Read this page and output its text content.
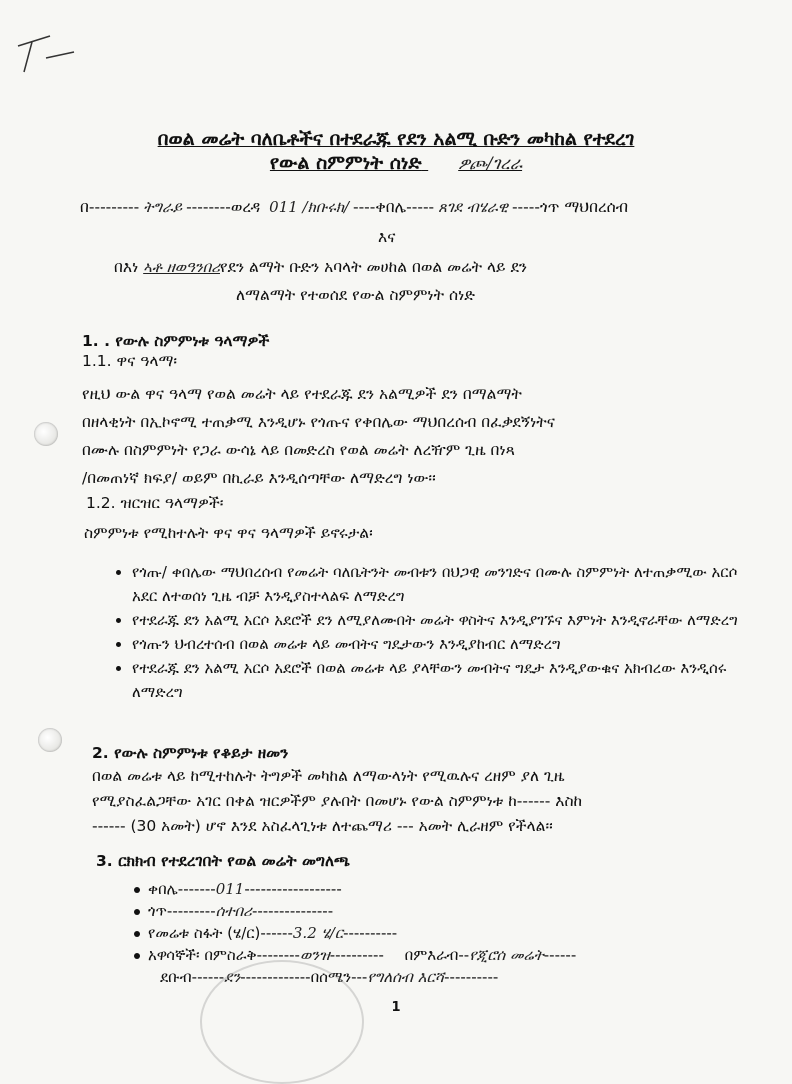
በወል መሬት ባለቤቶችና በተደራጁ የደን አልሚ ቡድን መካከል የተደረገ
የውል ስምምነት ሰነድ ዎጮ/ገረራ
በ--------- ትግራይ --------ወረዳ 011 /ክቡሩክ/ ----ቀበሌ----- ጸገደ ብሄራዊ -----ጎጥ ማህበረሰብ
እና
በእነ ኣቶ ዘወዓንበሪየደን ልማት ቡድን አባላት መሀከል በወል መሬት ላይ ደን
ለማልማት የተወሰደ የውል ስምምነት ሰነድ
1. . የውሉ ስምምነቱ ዓላማዎች
1.1. ዋና ዓላማ፡

የዚህ ውል ዋና ዓላማ የወል መሬት ላይ የተደራጁ ደን አልሚዎች ደን በማልማት

በዘላቂነት በኢኮኖሚ ተጠቃሚ እንዲሆኑ የጎጡና የቀበሌው ማህበረሰብ በፈቃደኝነትና

በሙሉ በስምምነት የጋራ ውሳኔ ላይ በመድረስ የወል መሬት ለረዥም ጊዜ በነጻ

/በመጠነኛ ክፍያ/ ወይም በኪራይ እንዲሰጣቸው ለማድረግ ነው፡፡

1.2. ዝርዝር ዓላማዎች፡
ስምምነቱ የሚከተሉት ዋና ዋና ዓላማዎች ይኖሩታል፡
• የጎጡ/ ቀበሌው ማህበረሰብ የመሬት ባለቤትንት መብቱን በህጋዊ መንገድና በሙሉ ስምምነት ለተጠቃሚው አርሶ አደር ለተወሰነ ጊዜ ብቻ እንዲያስተላልፍ ለማድረግ
• የተደራጁ ደን አልሚ አርሶ አደሮች ደን ለሚያለሙበት መሬት ዋስትና እንዲያገኙና እምነት እንዲኖራቸው ለማድረግ
• የጎጡን ህብረተሰብ በወል መሬቱ ላይ መብትና ግዴታውን እንዲያከብር ለማድረግ
• የተደራጁ ደን አልሚ አርሶ አደሮች በወል መሬቱ ላይ ያላቸውን መብትና ግዴታ እንዲያውቁና አክብረው እንዲሰሩ ለማድረግ
2. የውሉ ስምምነቱ የቆይታ ዘመን

በወል መሬቱ ላይ ከሚተከሉት ትግዎች መካከል ለማውላነት የሚዉሉና ረዘም ያለ ጊዜ

የሚያስፈልጋቸው አገር በቀል ዝርዎችም ያሉበት በመሆኑ የውል ስምምነቱ ከ------ እስከ

------ (30 አመት) ሆኖ እንደ አስፈላጊነቱ ለተጨማሪ --- አመት ሊራዘም የችላል፡፡

3. ርክክብ የተደረገበት የወል መሬት መግለጫ
ቀበሌ-------011------------------
ጎጥ---------ሰተበሪ---------------
የመሬቱ ስፋት (ሄ/ር)------3.2 ሄ/ር----------
አዋሳኞች፡ በምስራቅ--------ወንዝ---------- በምእራብ--የጂሮሰ መሬት------
ደቡብ------ደን-------------በሰሜን---የግለሰብ እርሻ----------
1
